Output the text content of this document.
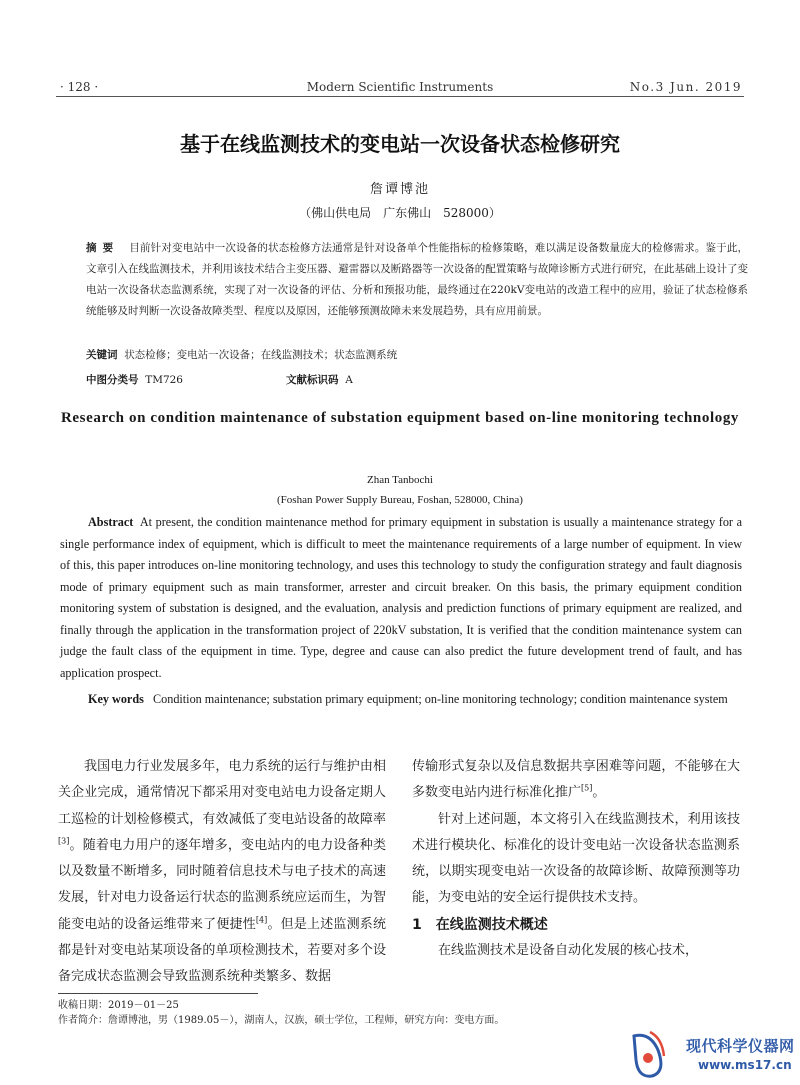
· 128 ·	Modern Scientific Instruments	No.3 Jun. 2019
基于在线监测技术的变电站一次设备状态检修研究
詹谭博池
（佛山供电局　广东佛山　528000）
摘要 目前针对变电站中一次设备的状态检修方法通常是针对设备单个性能指标的检修策略，难以满足设备数量庞大的检修需求。鉴于此，文章引入在线监测技术，并利用该技术结合主变压器、避雷器以及断路器等一次设备的配置策略与故障诊断方式进行研究，在此基础上设计了变电站一次设备状态监测系统，实现了对一次设备的评估、分析和预报功能，最终通过在220kV变电站的改造工程中的应用，验证了状态检修系统能够及时判断一次设备故障类型、程度以及原因，还能够预测故障未来发展趋势，具有应用前景。
关键词 状态检修；变电站一次设备；在线监测技术；状态监测系统
中图分类号 TM726	文献标识码 A
Research on condition maintenance of substation equipment based on-line monitoring technology
Zhan Tanbochi
(Foshan Power Supply Bureau, Foshan, 528000, China)
Abstract At present, the condition maintenance method for primary equipment in substation is usually a maintenance strategy for a single performance index of equipment, which is difficult to meet the maintenance requirements of a large number of equipment. In view of this, this paper introduces on-line monitoring technology, and uses this technology to study the configuration strategy and fault diagnosis mode of primary equipment such as main transformer, arrester and circuit breaker. On this basis, the primary equipment condition monitoring system of substation is designed, and the evaluation, analysis and prediction functions of primary equipment are realized, and finally through the application in the transformation project of 220kV substation, It is verified that the condition maintenance system can judge the fault class of the equipment in time. Type, degree and cause can also predict the future development trend of fault, and has application prospect.
Key words Condition maintenance; substation primary equipment; on-line monitoring technology; condition maintenance system

我国电力行业发展多年，电力系统的运行与维护由相关企业完成，通常情况下都采用对变电站电力设备定期人工巡检的计划检修模式，有效减低了变电站设备的故障率[3]。随着电力用户的逐年增多，变电站内的电力设备种类以及数量不断增多，同时随着信息技术与电子技术的高速发展，针对电力设备运行状态的监测系统应运而生，为智能变电站的设备运维带来了便捷性[4]。但是上述监测系统都是针对变电站某项设备的单项检测技术，若要对多个设备完成状态监测会导致监测系统种类繁多、数据

传输形式复杂以及信息数据共享困难等问题，不能够在大多数变电站内进行标准化推广[5]。

针对上述问题，本文将引入在线监测技术，利用该技术进行模块化、标准化的设计变电站一次设备状态监测系统，以期实现变电站一次设备的故障诊断、故障预测等功能，为变电站的安全运行提供技术支持。

1　在线监测技术概述

在线监测技术是设备自动化发展的核心技术，

收稿日期：2019－01－25
作者简介：詹谭博池，男（1989.05－），湖南人，汉族，硕士学位，工程师，研究方向：变电方面。
现代科学仪器网
www.ms17.cn
